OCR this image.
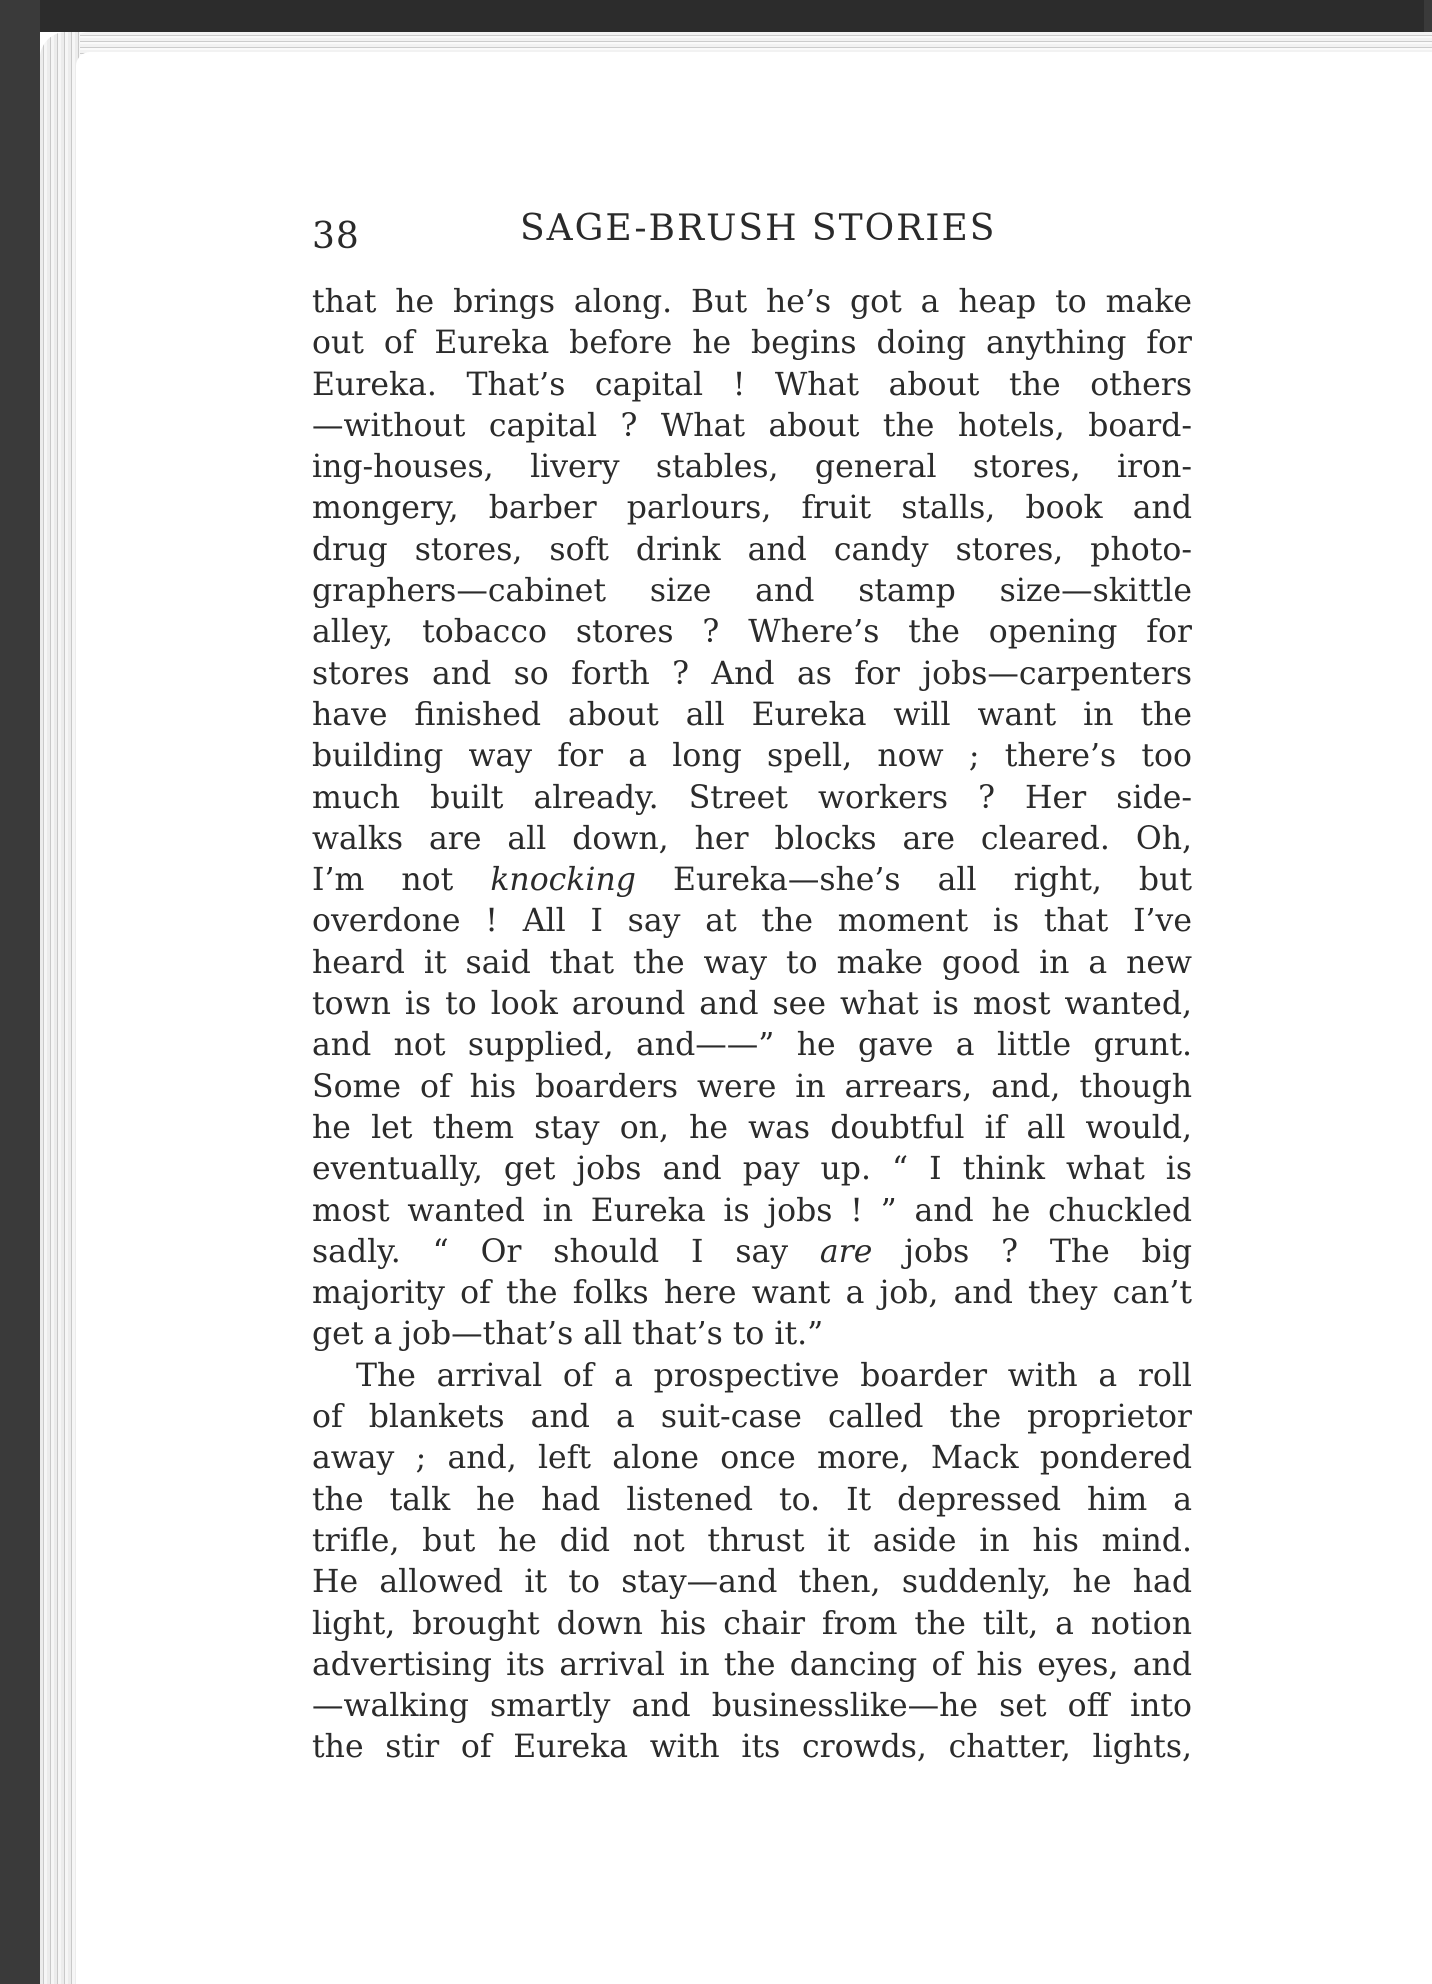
38	SAGE-BRUSH STORIES
that he brings along. But he’s got a heap to make
out of Eureka before he begins doing anything for
Eureka. That’s capital ! What about the others
—without capital ? What about the hotels, board-
ing-houses, livery stables, general stores, iron-
mongery, barber parlours, fruit stalls, book and
drug stores, soft drink and candy stores, photo-
graphers—cabinet size and stamp size—skittle
alley, tobacco stores ? Where’s the opening for
stores and so forth ? And as for jobs—carpenters
have finished about all Eureka will want in the
building way for a long spell, now ; there’s too
much built already. Street workers ? Her side-
walks are all down, her blocks are cleared. Oh,
I’m not knocking Eureka—she’s all right, but
overdone ! All I say at the moment is that I’ve
heard it said that the way to make good in a new
town is to look around and see what is most wanted,
and not supplied, and——” he gave a little grunt.
Some of his boarders were in arrears, and, though
he let them stay on, he was doubtful if all would,
eventually, get jobs and pay up. “ I think what is
most wanted in Eureka is jobs ! ” and he chuckled
sadly. “ Or should I say are jobs ? The big
majority of the folks here want a job, and they can’t
get a job—that’s all that’s to it.”
The arrival of a prospective boarder with a roll
of blankets and a suit-case called the proprietor
away ; and, left alone once more, Mack pondered
the talk he had listened to. It depressed him a
trifle, but he did not thrust it aside in his mind.
He allowed it to stay—and then, suddenly, he had
light, brought down his chair from the tilt, a notion
advertising its arrival in the dancing of his eyes, and
—walking smartly and businesslike—he set off into
the stir of Eureka with its crowds, chatter, lights,
